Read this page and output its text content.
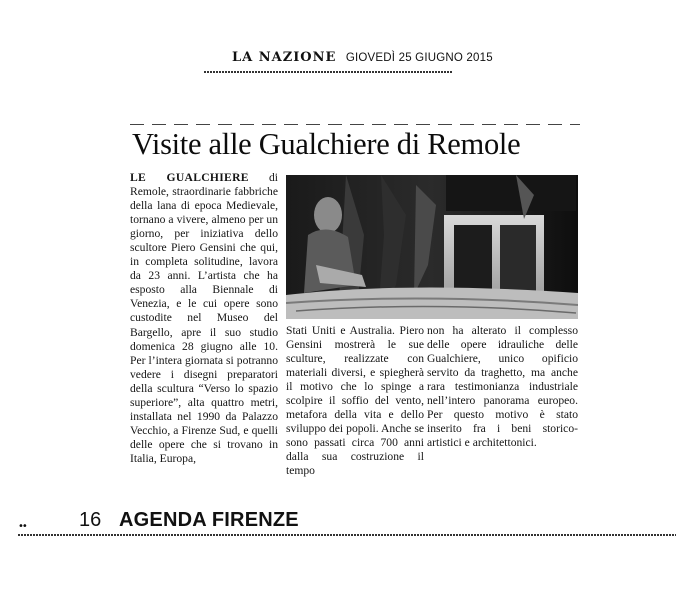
LA NAZIONE GIOVEDÌ 25 GIUGNO 2015
Visite alle Gualchiere di Remole
LE GUALCHIERE di Remole, straordinarie fabbriche della lana di epoca Medievale, tornano a vivere, almeno per un giorno, per iniziativa dello scultore Piero Gensini che qui, in completa solitudine, lavora da 23 anni. L’artista che ha esposto alla Biennale di Venezia, e le cui opere sono custodite nel Museo del Bargello, apre il suo studio domenica 28 giugno alle 10. Per l’intera giornata si potranno vedere i disegni preparatori della scultura “Verso lo spazio superiore”, alta quattro metri, installata nel 1990 da Palazzo Vecchio, a Firenze Sud, e quelli delle opere che si trovano in Italia, Europa,
Stati Uniti e Australia. Piero Gensini mostrerà le sue sculture, realizzate con materiali diversi, e spiegherà il motivo che lo spinge a scolpire il soffio del vento, metafora della vita e dello sviluppo dei popoli. Anche se sono passati circa 700 anni dalla sua costruzione il tempo
non ha alterato il complesso delle opere idrauliche delle Gualchiere, unico opificio servito da traghetto, ma anche rara testimonianza industriale nell’intero panorama europeo. Per questo motivo è stato inserito fra i beni storico-artistici e architettonici.
••	16 AGENDA FIRENZE
